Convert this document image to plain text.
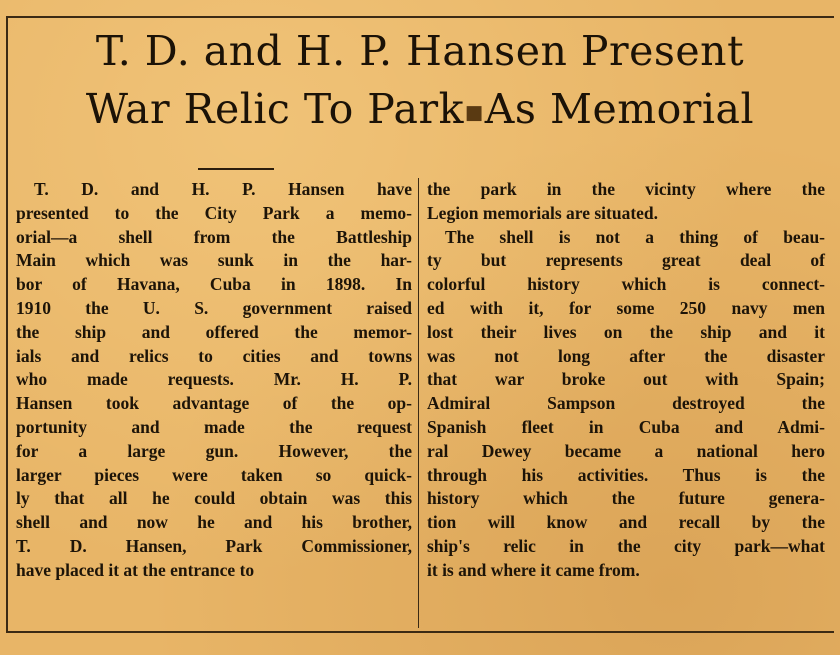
T. D. and H. P. Hansen Present
War Relic To Park▪As Memorial
T. D. and H. P. Hansen have
presented to the City Park a memo-
orial—a shell from the Battleship
Main which was sunk in the har-
bor of Havana, Cuba in 1898. In
1910 the U. S. government raised
the ship and offered the memor-
ials and relics to cities and towns
who made requests. Mr. H. P.
Hansen took advantage of the op-
portunity and made the request
for a large gun. However, the
larger pieces were taken so quick-
ly that all he could obtain was this
shell and now he and his brother,
T. D. Hansen, Park Commissioner,
have placed it at the entrance to
the park in the vicinty where the
Legion memorials are situated.
The shell is not a thing of beau-
ty but represents great deal of
colorful history which is connect-
ed with it, for some 250 navy men
lost their lives on the ship and it
was not long after the disaster
that war broke out with Spain;
Admiral Sampson destroyed the
Spanish fleet in Cuba and Admi-
ral Dewey became a national hero
through his activities. Thus is the
history which the future genera-
tion will know and recall by the
ship's relic in the city park—what
it is and where it came from.
